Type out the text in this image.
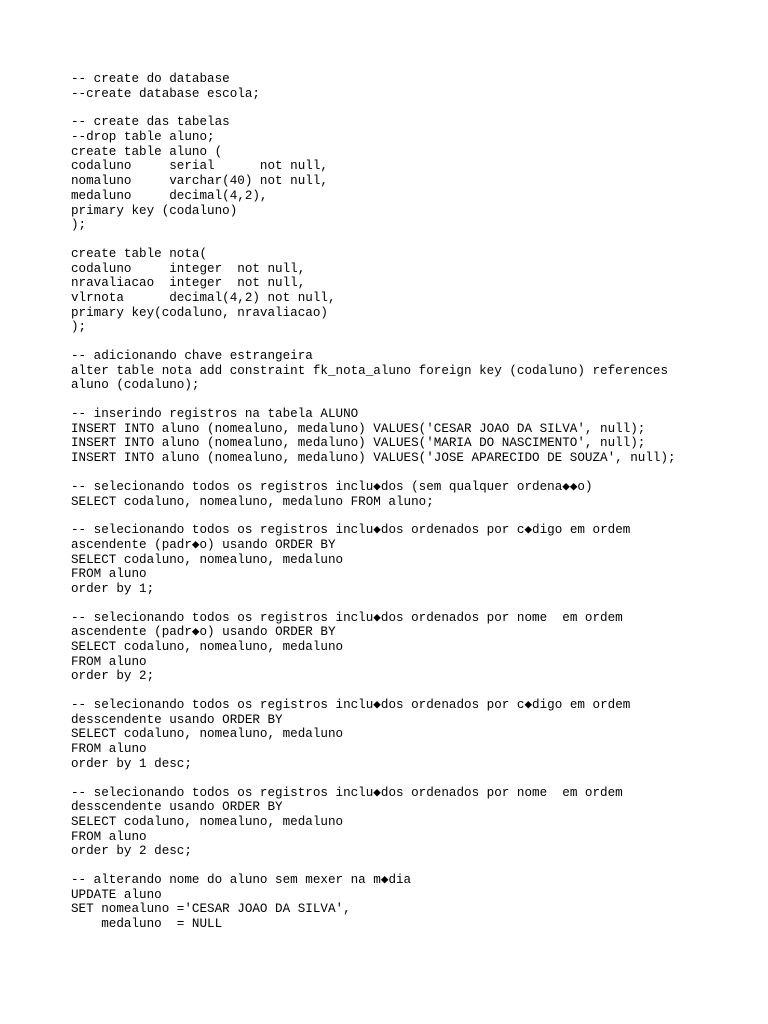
-- create do database
--create database escola;
-- create das tabelas
--drop table aluno;
create table aluno (
codaluno     serial      not null,
nomaluno     varchar(40) not null,
medaluno     decimal(4,2),
primary key (codaluno)
);
create table nota(
codaluno     integer  not null,
nravaliacao  integer  not null,
vlrnota      decimal(4,2) not null,
primary key(codaluno, nravaliacao)
);
-- adicionando chave estrangeira
alter table nota add constraint fk_nota_aluno foreign key (codaluno) references
aluno (codaluno);
-- inserindo registros na tabela ALUNO
INSERT INTO aluno (nomealuno, medaluno) VALUES('CESAR JOAO DA SILVA', null);
INSERT INTO aluno (nomealuno, medaluno) VALUES('MARIA DO NASCIMENTO', null);
INSERT INTO aluno (nomealuno, medaluno) VALUES('JOSE APARECIDO DE SOUZA', null);
-- selecionando todos os registros inclu◆dos (sem qualquer ordena◆◆o)
SELECT codaluno, nomealuno, medaluno FROM aluno;
-- selecionando todos os registros inclu◆dos ordenados por c◆digo em ordem
ascendente (padr◆o) usando ORDER BY
SELECT codaluno, nomealuno, medaluno
FROM aluno
order by 1;
-- selecionando todos os registros inclu◆dos ordenados por nome  em ordem
ascendente (padr◆o) usando ORDER BY
SELECT codaluno, nomealuno, medaluno
FROM aluno
order by 2;
-- selecionando todos os registros inclu◆dos ordenados por c◆digo em ordem
desscendente usando ORDER BY
SELECT codaluno, nomealuno, medaluno
FROM aluno
order by 1 desc;
-- selecionando todos os registros inclu◆dos ordenados por nome  em ordem
desscendente usando ORDER BY
SELECT codaluno, nomealuno, medaluno
FROM aluno
order by 2 desc;
-- alterando nome do aluno sem mexer na m◆dia
UPDATE aluno
SET nomealuno ='CESAR JOAO DA SILVA',
medaluno  = NULL
